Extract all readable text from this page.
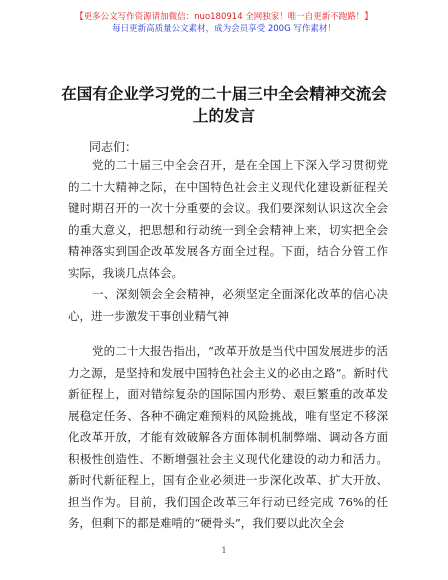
【更多公文写作资源请加微信：nuo180914 全网独家！唯一自更新不跑路！】
每日更新高质量公文素材，成为会员享受 200G 写作素材！
在国有企业学习党的二十届三中全会精神交流会上的发言
同志们：

党的二十届三中全会召开，是在全国上下深入学习贯彻党的二十大精神之际，在中国特色社会主义现代化建设新征程关键时期召开的一次十分重要的会议。我们要深刻认识这次全会的重大意义，把思想和行动统一到全会精神上来，切实把全会精神落实到国企改革发展各方面全过程。下面，结合分管工作实际，我谈几点体会。

一、深刻领会全会精神，必须坚定全面深化改革的信心决心，进一步激发干事创业精气神

党的二十大报告指出，“改革开放是当代中国发展进步的活力之源，是坚持和发展中国特色社会主义的必由之路”。新时代新征程上，面对错综复杂的国际国内形势、艰巨繁重的改革发展稳定任务、各种不确定难预料的风险挑战，唯有坚定不移深化改革开放，才能有效破解各方面体制机制弊端、调动各方面积极性创造性、不断增强社会主义现代化建设的动力和活力。新时代新征程上，国有企业必须进一步深化改革、扩大开放、担当作为。目前，我们国企改革三年行动已经完成 76%的任务，但剩下的都是难啃的“硬骨头”，我们要以此次全会

1
